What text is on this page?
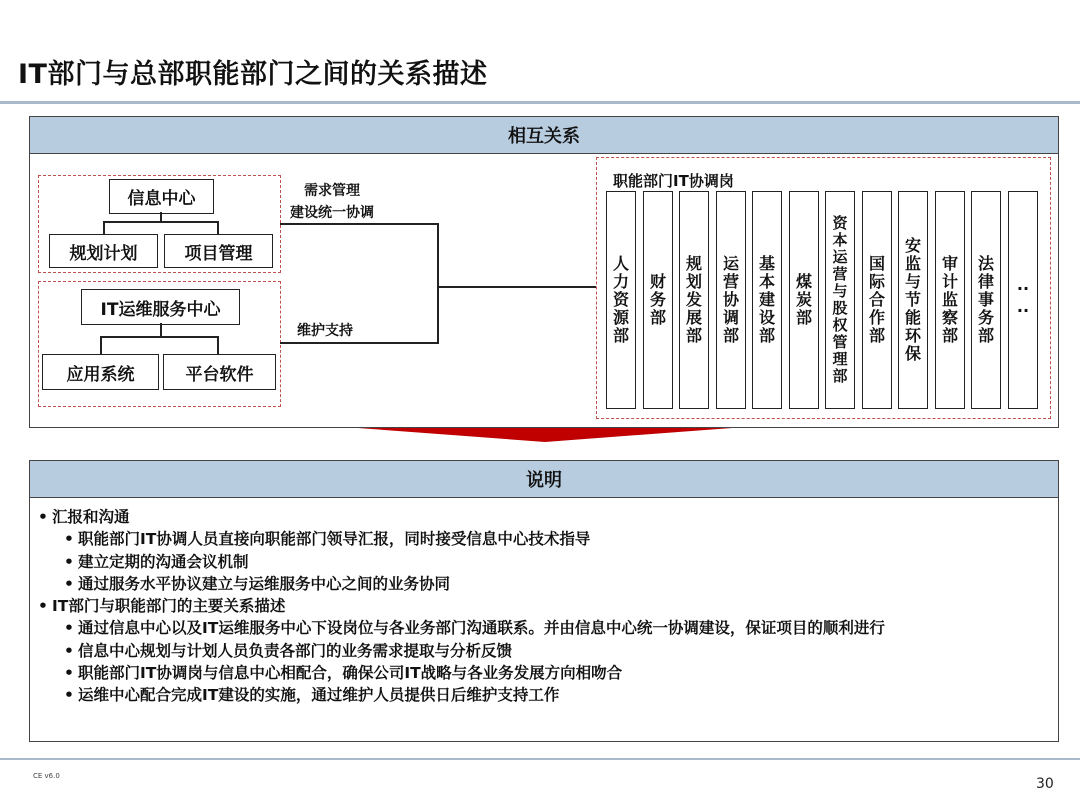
IT部门与总部职能部门之间的关系描述
相互关系
信息中心
规划计划	项目管理
IT运维服务中心
应用系统	平台软件
需求管理
建设统一协调
维护支持
职能部门IT协调岗
人力资源部
财务部
规划发展部
运营协调部
基本建设部
煤炭部
资本运营与股权管理部
国际合作部
安监与节能环保
审计监察部
法律事务部
····
说明
• 汇报和沟通
• 职能部门IT协调人员直接向职能部门领导汇报，同时接受信息中心技术指导
• 建立定期的沟通会议机制
• 通过服务水平协议建立与运维服务中心之间的业务协同
• IT部门与职能部门的主要关系描述
• 通过信息中心以及IT运维服务中心下设岗位与各业务部门沟通联系。并由信息中心统一协调建设，保证项目的顺利进行
• 信息中心规划与计划人员负责各部门的业务需求提取与分析反馈
• 职能部门IT协调岗与信息中心相配合，确保公司IT战略与各业务发展方向相吻合
• 运维中心配合完成IT建设的实施，通过维护人员提供日后维护支持工作
CE v6.0	30
